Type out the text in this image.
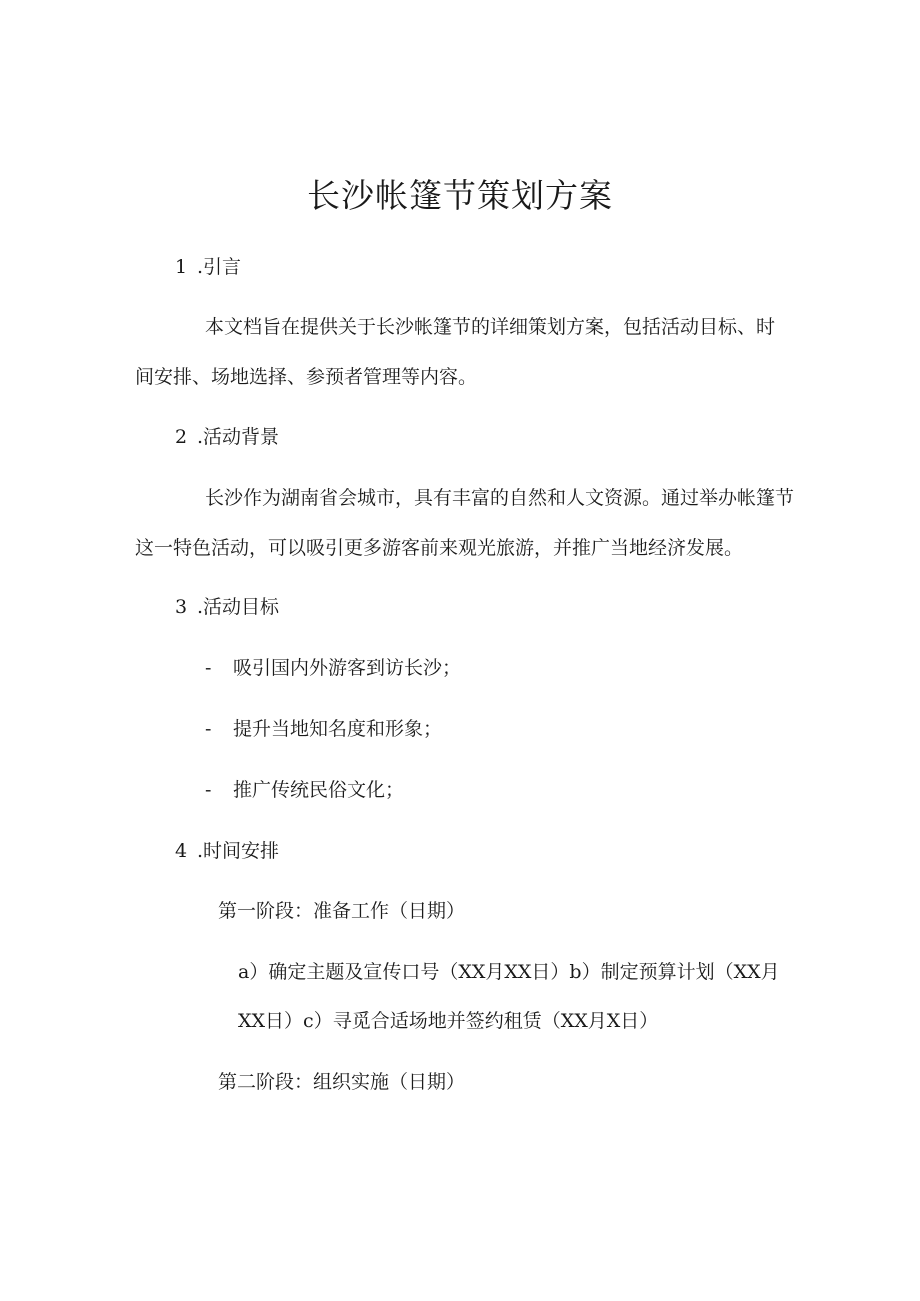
长沙帐篷节策划方案
1 .引言

本文档旨在提供关于长沙帐篷节的详细策划方案，包括活动目标、时

间安排、场地选择、参预者管理等内容。

2 .活动背景

长沙作为湖南省会城市，具有丰富的自然和人文资源。通过举办帐篷节

这一特色活动，可以吸引更多游客前来观光旅游，并推广当地经济发展。

3 .活动目标
- 吸引国内外游客到访长沙；
- 提升当地知名度和形象；
- 推广传统民俗文化；
4 .时间安排

第一阶段：准备工作（日期）

a）确定主题及宣传口号（XX月XX日）b）制定预算计划（XX月

XX日）c）寻觅合适场地并签约租赁（XX月X日）

第二阶段：组织实施（日期）
